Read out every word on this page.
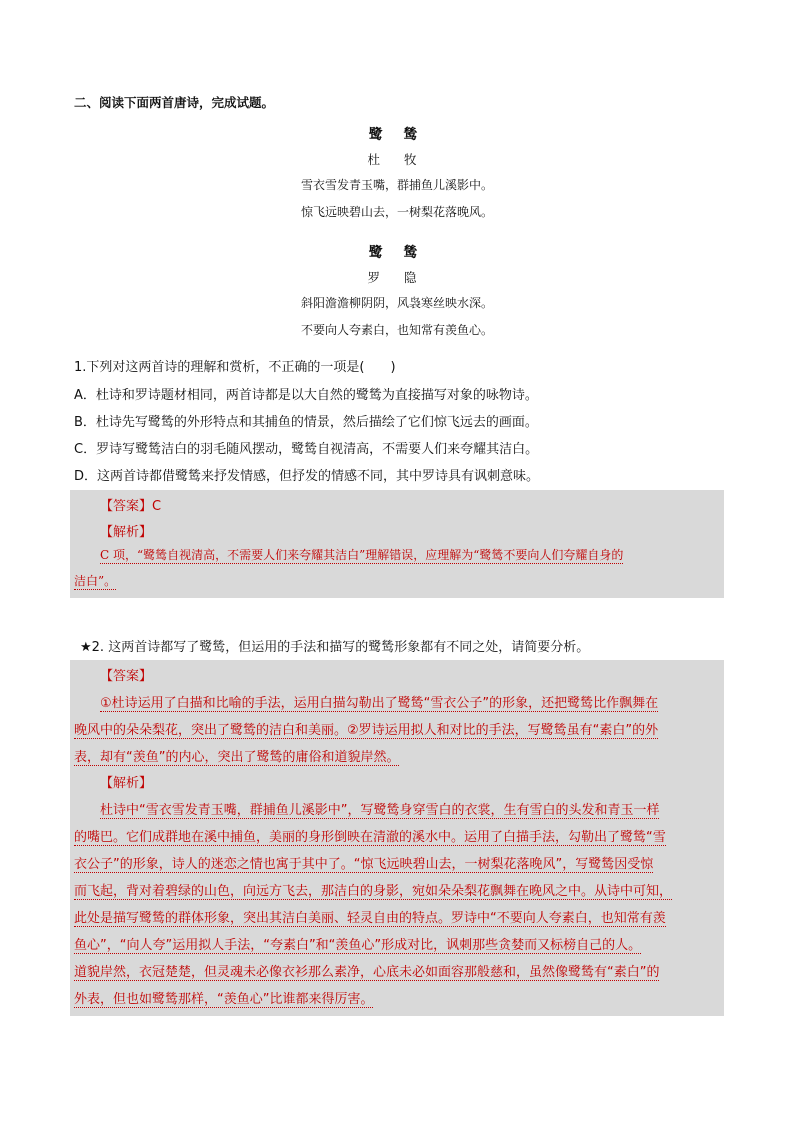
二、阅读下面两首唐诗，完成试题。
鹭 鸶
杜 牧
雪衣雪发青玉嘴，群捕鱼儿溪影中。
惊飞远映碧山去，一树梨花落晚风。
鹭 鸶
罗 隐
斜阳澹澹柳阴阴，风袅寒丝映水深。
不要向人夸素白，也知常有羡鱼心。
1.下列对这两首诗的理解和赏析，不正确的一项是(　　)
A．杜诗和罗诗题材相同，两首诗都是以大自然的鹭鸶为直接描写对象的咏物诗。
B．杜诗先写鹭鸶的外形特点和其捕鱼的情景，然后描绘了它们惊飞远去的画面。
C．罗诗写鹭鸶洁白的羽毛随风摆动，鹭鸶自视清高，不需要人们来夸耀其洁白。
D．这两首诗都借鹭鸶来抒发情感，但抒发的情感不同，其中罗诗具有讽刺意味。
【答案】C
【解析】
C 项，“鹭鸶自视清高，不需要人们来夸耀其洁白”理解错误，应理解为“鹭鸶不要向人们夸耀自身的
洁白”。
★2. 这两首诗都写了鹭鸶，但运用的手法和描写的鹭鸶形象都有不同之处，请简要分析。
【答案】
①杜诗运用了白描和比喻的手法，运用白描勾勒出了鹭鸶“雪衣公子”的形象，还把鹭鸶比作飘舞在
晚风中的朵朵梨花，突出了鹭鸶的洁白和美丽。②罗诗运用拟人和对比的手法，写鹭鸶虽有“素白”的外
表，却有“羡鱼”的内心，突出了鹭鸶的庸俗和道貌岸然。
【解析】
杜诗中“雪衣雪发青玉嘴，群捕鱼儿溪影中”，写鹭鸶身穿雪白的衣裳，生有雪白的头发和青玉一样
的嘴巴。它们成群地在溪中捕鱼，美丽的身形倒映在清澈的溪水中。运用了白描手法，勾勒出了鹭鸶“雪
衣公子”的形象，诗人的迷恋之情也寓于其中了。“惊飞远映碧山去，一树梨花落晚风”，写鹭鸶因受惊
而飞起，背对着碧绿的山色，向远方飞去，那洁白的身影，宛如朵朵梨花飘舞在晚风之中。从诗中可知，
此处是描写鹭鸶的群体形象，突出其洁白美丽、轻灵自由的特点。罗诗中“不要向人夸素白，也知常有羡
鱼心”，“向人夸”运用拟人手法，“夸素白”和“羡鱼心”形成对比，讽刺那些贪婪而又标榜自己的人。
道貌岸然，衣冠楚楚，但灵魂未必像衣衫那么素净，心底未必如面容那般慈和，虽然像鹭鸶有“素白”的
外表，但也如鹭鸶那样，“羡鱼心”比谁都来得厉害。
